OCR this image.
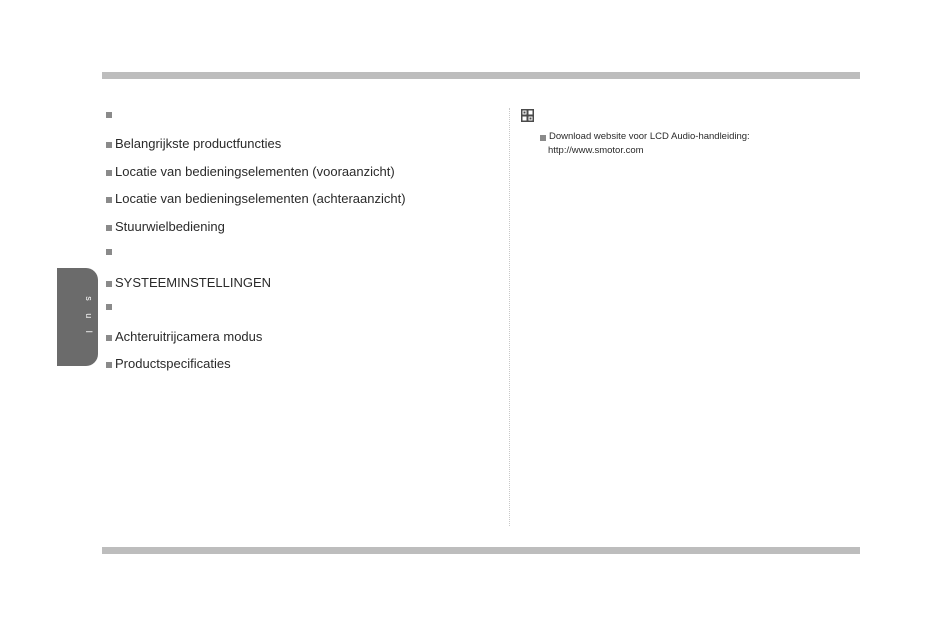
s u l
Belangrijkste productfuncties
Locatie van bedieningselementen (vooraanzicht)
Locatie van bedieningselementen (achteraanzicht)
Stuurwielbediening
SYSTEEMINSTELLINGEN
Achteruitrijcamera modus
Productspecificaties
Download website voor LCD Audio-handleiding:
http://www.smotor.com
